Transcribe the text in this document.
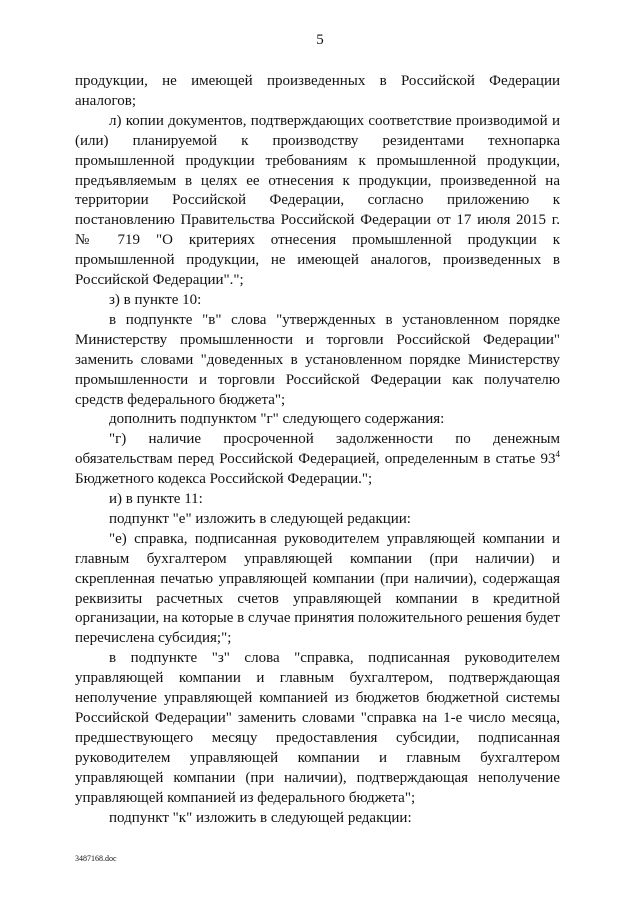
5

продукции, не имеющей произведенных в Российской Федерации аналогов;

л) копии документов, подтверждающих соответствие производимой и (или) планируемой к производству резидентами технопарка промышленной продукции требованиям к промышленной продукции, предъявляемым в целях ее отнесения к продукции, произведенной на территории Российской Федерации, согласно приложению к постановлению Правительства Российской Федерации от 17 июля 2015 г. № 719 "О критериях отнесения промышленной продукции к промышленной продукции, не имеющей аналогов, произведенных в Российской Федерации".";

з) в пункте 10:

в подпункте "в" слова "утвержденных в установленном порядке Министерству промышленности и торговли Российской Федерации" заменить словами "доведенных в установленном порядке Министерству промышленности и торговли Российской Федерации как получателю средств федерального бюджета";

дополнить подпунктом "г" следующего содержания:

"г) наличие просроченной задолженности по денежным обязательствам перед Российской Федерацией, определенным в статье $93^4$ Бюджетного кодекса Российской Федерации.";

и) в пункте 11:

подпункт "е" изложить в следующей редакции:

"е) справка, подписанная руководителем управляющей компании и главным бухгалтером управляющей компании (при наличии) и скрепленная печатью управляющей компании (при наличии), содержащая реквизиты расчетных счетов управляющей компании в кредитной организации, на которые в случае принятия положительного решения будет перечислена субсидия;";

в подпункте "з" слова "справка, подписанная руководителем управляющей компании и главным бухгалтером, подтверждающая неполучение управляющей компанией из бюджетов бюджетной системы Российской Федерации" заменить словами "справка на 1-е число месяца, предшествующего месяцу предоставления субсидии, подписанная руководителем управляющей компании и главным бухгалтером управляющей компании (при наличии), подтверждающая неполучение управляющей компанией из федерального бюджета";

подпункт "к" изложить в следующей редакции:

3487168.doc
